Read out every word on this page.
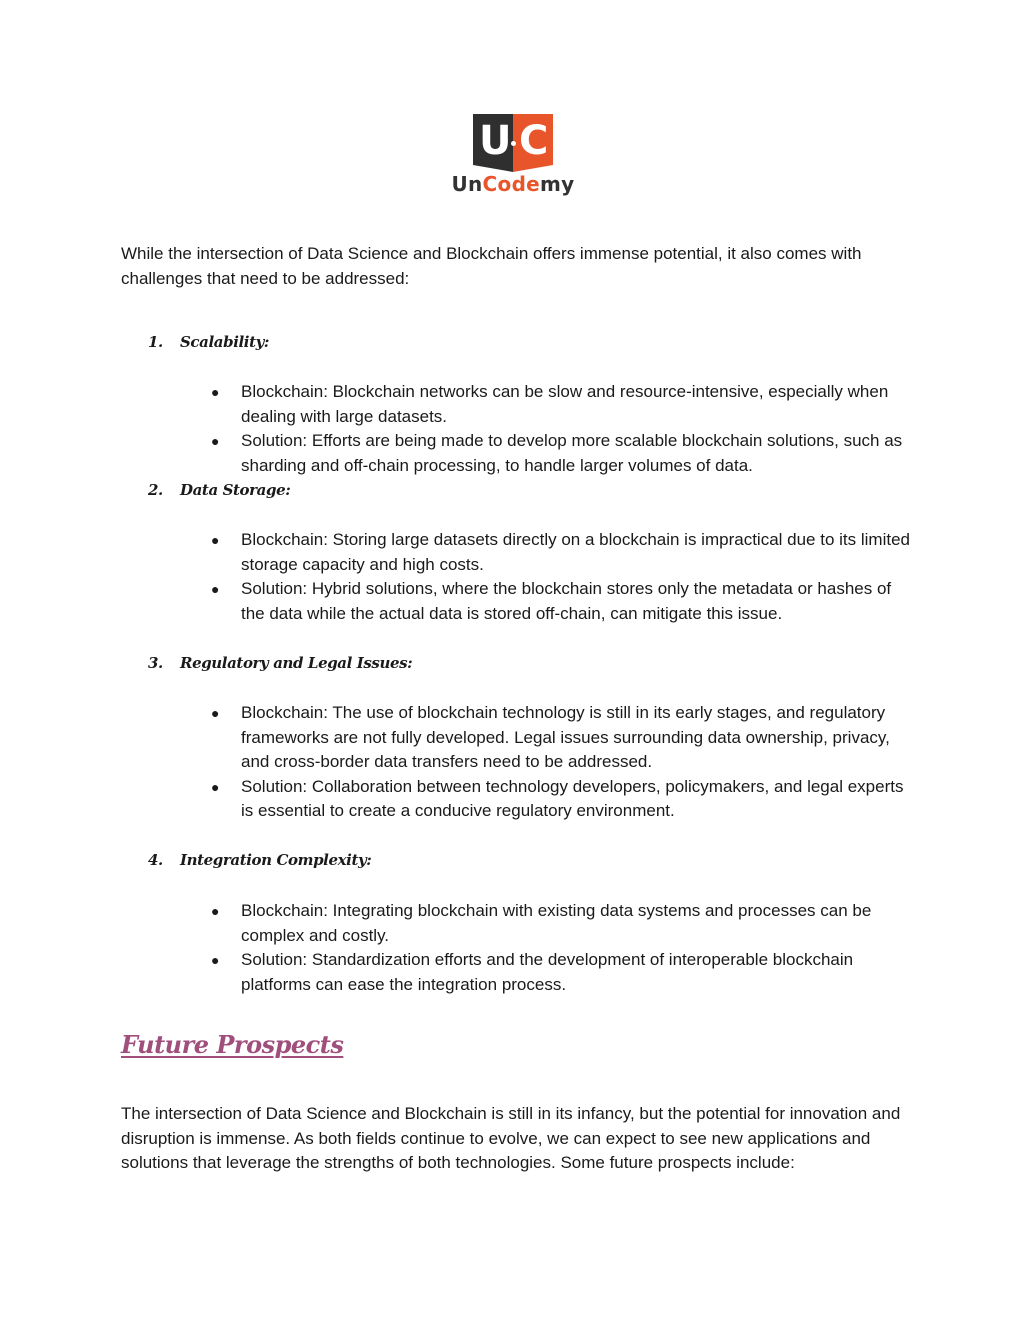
U C
UnCodemy

While the intersection of Data Science and Blockchain offers immense potential, it also comes with challenges that need to be addressed:

1. Scalability:
● Blockchain: Blockchain networks can be slow and resource-intensive, especially when dealing with large datasets.
● Solution: Efforts are being made to develop more scalable blockchain solutions, such as sharding and off-chain processing, to handle larger volumes of data.
2. Data Storage:
● Blockchain: Storing large datasets directly on a blockchain is impractical due to its limited storage capacity and high costs.
● Solution: Hybrid solutions, where the blockchain stores only the metadata or hashes of the data while the actual data is stored off-chain, can mitigate this issue.
3. Regulatory and Legal Issues:
● Blockchain: The use of blockchain technology is still in its early stages, and regulatory frameworks are not fully developed. Legal issues surrounding data ownership, privacy, and cross-border data transfers need to be addressed.
● Solution: Collaboration between technology developers, policymakers, and legal experts is essential to create a conducive regulatory environment.
4. Integration Complexity:
● Blockchain: Integrating blockchain with existing data systems and processes can be complex and costly.
● Solution: Standardization efforts and the development of interoperable blockchain platforms can ease the integration process.
Future Prospects

The intersection of Data Science and Blockchain is still in its infancy, but the potential for innovation and disruption is immense. As both fields continue to evolve, we can expect to see new applications and solutions that leverage the strengths of both technologies. Some future prospects include:
